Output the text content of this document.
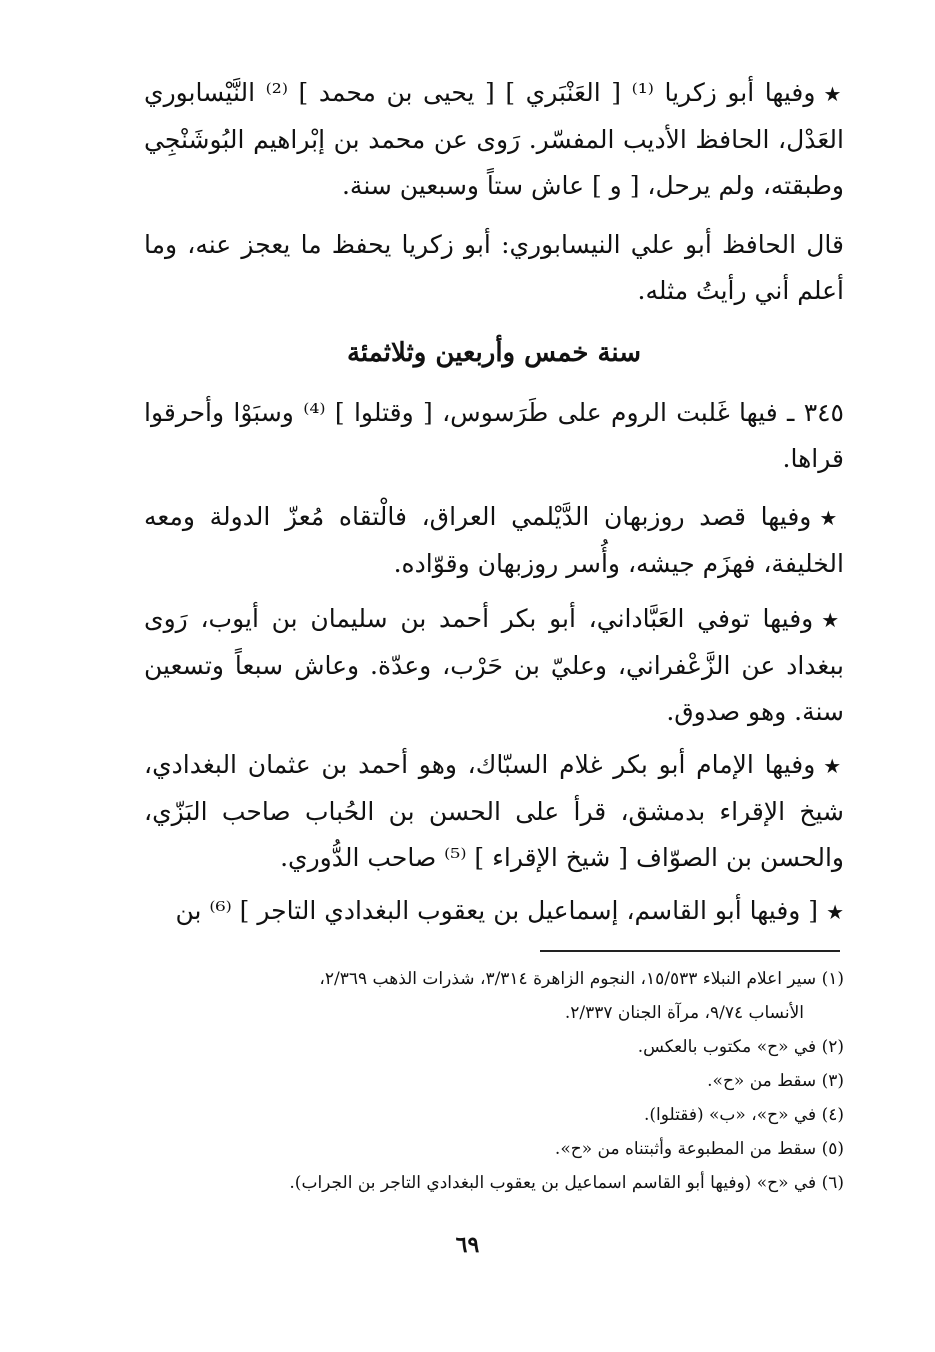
★وفيها أبو زكريا ⁽¹⁾ [ العَنْبَري ] [ يحيى بن محمد ] ⁽²⁾ النَّيْسابوري العَدْل، الحافظ الأديب المفسّر. رَوى عن محمد بن إبْراهيم البُوشَنْجِي وطبقته، ولم يرحل، [ و ] عاش ستاً وسبعين سنة.
قال الحافظ أبو علي النيسابوري: أبو زكريا يحفظ ما يعجز عنه، وما أعلم أني رأيتُ مثله.
سنة خمس وأربعين وثلاثمئة
٣٤٥ ـ فيها غَلبت الروم على طَرَسوس، [ وقتلوا ] ⁽⁴⁾ وسبَوْا وأحرقوا قراها.
★وفيها قصد روزبهان الدَّيْلمي العراق، فالْتقاه مُعزّ الدولة ومعه الخليفة، فهزَم جيشه، وأُسر روزبهان وقوّاده.
★وفيها توفي العَبَّاداني، أبو بكر أحمد بن سليمان بن أيوب، رَوى ببغداد عن الزَّعْفراني، وعليّ بن حَرْب، وعدّة. وعاش سبعاً وتسعين سنة. وهو صدوق.
★وفيها الإمام أبو بكر غلام السبّاك، وهو أحمد بن عثمان البغدادي، شيخ الإقراء بدمشق، قرأ على الحسن بن الحُباب صاحب البَزّي، والحسن بن الصوّاف [ شيخ الإقراء ] ⁽⁵⁾ صاحب الدُّوري.
★[ وفيها أبو القاسم، إسماعيل بن يعقوب البغدادي التاجر ] ⁽⁶⁾ بن
(١) سير اعلام النبلاء ١٥/٥٣٣، النجوم الزاهرة ٣/٣١٤، شذرات الذهب ٢/٣٦٩،
الأنساب ٩/٧٤، مرآة الجنان ٢/٣٣٧.
(٢) في «ح» مكتوب بالعكس.
(٣) سقط من «ح».
(٤) في «ح»، «ب» (فقتلوا).
(٥) سقط من المطبوعة وأثبتناه من «ح».
(٦) في «ح» (وفيها أبو القاسم اسماعيل بن يعقوب البغدادي التاجر بن الجراب).
٦٩
